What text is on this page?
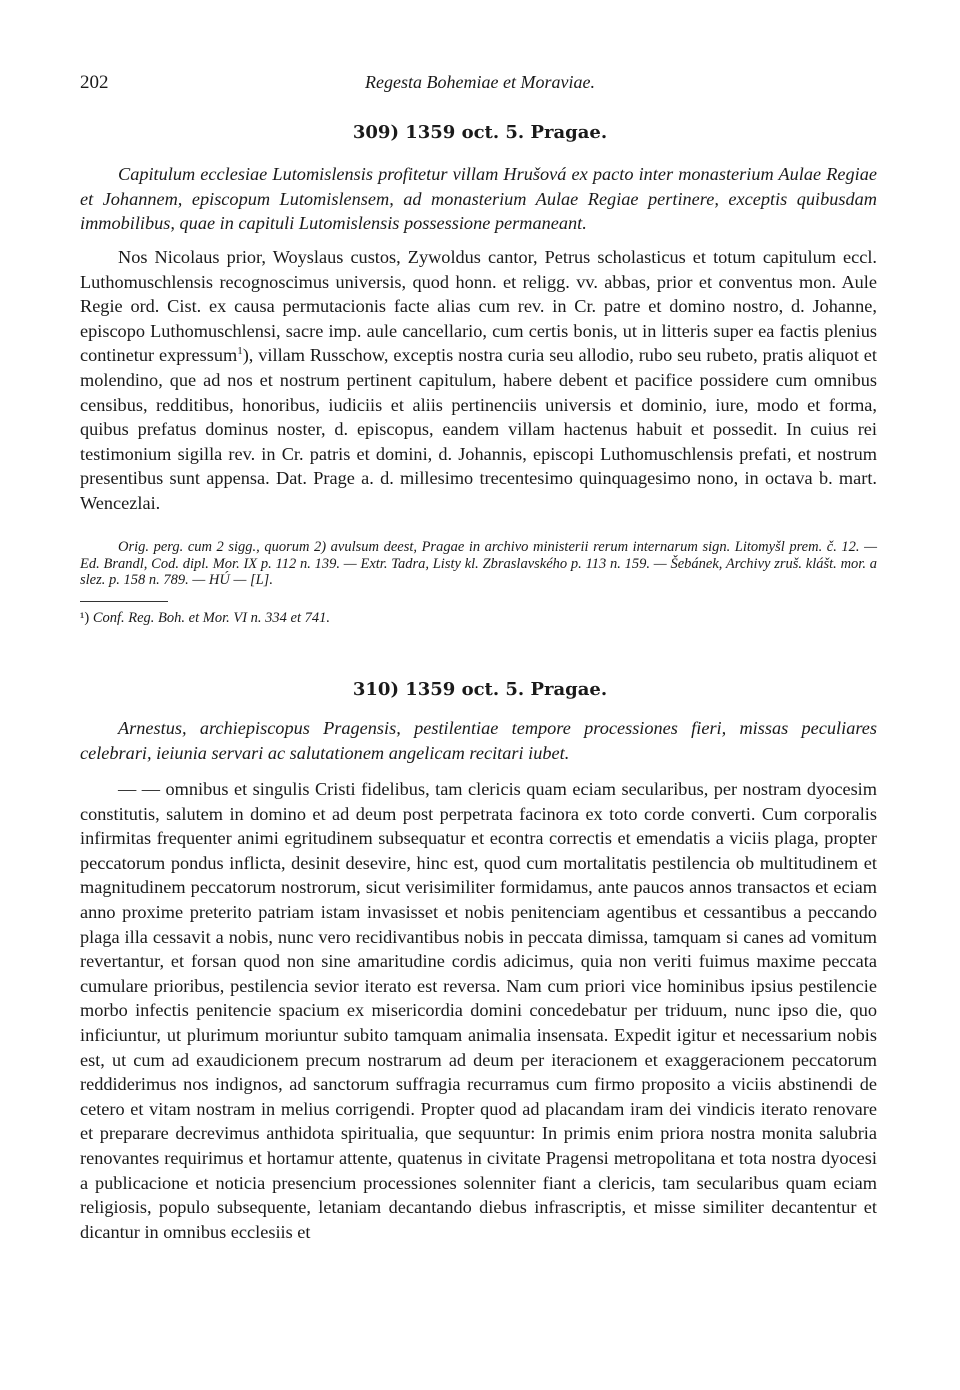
202	Regesta Bohemiae et Moraviae.
309) 1359 oct. 5. Pragae.

Capitulum ecclesiae Lutomislensis profitetur villam Hrušová ex pacto inter monasterium Aulae Regiae et Johannem, episcopum Lutomislensem, ad monasterium Aulae Regiae pertinere, exceptis quibusdam immobilibus, quae in capituli Lutomislensis possessione permaneant.

Nos Nicolaus prior, Woyslaus custos, Zywoldus cantor, Petrus scholasticus et totum capitulum eccl. Luthomuschlensis recognoscimus universis, quod honn. et religg. vv. abbas, prior et conventus mon. Aule Regie ord. Cist. ex causa permutacionis facte alias cum rev. in Cr. patre et domino nostro, d. Johanne, episcopo Luthomuschlensi, sacre imp. aule cancellario, cum certis bonis, ut in litteris super ea factis plenius continetur expressum$^1$), villam Russchow, exceptis nostra curia seu allodio, rubo seu rubeto, pratis aliquot et molendino, que ad nos et nostrum pertinent capitulum, habere debent et pacifice possidere cum omnibus censibus, redditibus, honoribus, iudiciis et aliis pertinenciis universis et dominio, iure, modo et forma, quibus prefatus dominus noster, d. episcopus, eandem villam hactenus habuit et possedit. In cuius rei testimonium sigilla rev. in Cr. patris et domini, d. Johannis, episcopi Luthomuschlensis prefati, et nostrum presentibus sunt appensa. Dat. Prage a. d. millesimo trecentesimo quinquagesimo nono, in octava b. mart. Wencezlai.

Orig. perg. cum 2 sigg., quorum 2) avulsum deest, Pragae in archivo ministerii rerum internarum sign. Litomyšl prem. č. 12. — Ed. Brandl, Cod. dipl. Mor. IX p. 112 n. 139. — Extr. Tadra, Listy kl. Zbraslavského p. 113 n. 159. — Šebánek, Archivy zruš. klášt. mor. a slez. p. 158 n. 789. — HÚ — [L].

¹) Conf. Reg. Boh. et Mor. VI n. 334 et 741.

310) 1359 oct. 5. Pragae.

Arnestus, archiepiscopus Pragensis, pestilentiae tempore processiones fieri, missas peculiares celebrari, ieiunia servari ac salutationem angelicam recitari iubet.

— — omnibus et singulis Cristi fidelibus, tam clericis quam eciam secularibus, per nostram dyocesim constitutis, salutem in domino et ad deum post perpetrata facinora ex toto corde converti. Cum corporalis infirmitas frequenter animi egritudinem subsequatur et econtra correctis et emendatis a viciis plaga, propter peccatorum pondus inflicta, desinit desevire, hinc est, quod cum mortalitatis pestilencia ob multitudinem et magnitudinem peccatorum nostrorum, sicut verisimiliter formidamus, ante paucos annos transactos et eciam anno proxime preterito patriam istam invasisset et nobis penitenciam agentibus et cessantibus a peccando plaga illa cessavit a nobis, nunc vero recidivantibus nobis in peccata dimissa, tamquam si canes ad vomitum revertantur, et forsan quod non sine amaritudine cordis adicimus, quia non veriti fuimus maxime peccata cumulare prioribus, pestilencia sevior iterato est reversa. Nam cum priori vice hominibus ipsius pestilencie morbo infectis penitencie spacium ex misericordia domini concedebatur per triduum, nunc ipso die, quo inficiuntur, ut plurimum moriuntur subito tamquam animalia insensata. Expedit igitur et necessarium nobis est, ut cum ad exaudicionem precum nostrarum ad deum per iteracionem et exaggeracionem peccatorum reddiderimus nos indignos, ad sanctorum suffragia recurramus cum firmo proposito a viciis abstinendi de cetero et vitam nostram in melius corrigendi. Propter quod ad placandam iram dei vindicis iterato renovare et preparare decrevimus anthidota spiritualia, que sequuntur: In primis enim priora nostra monita salubria renovantes requirimus et hortamur attente, quatenus in civitate Pragensi metropolitana et tota nostra dyocesi a publicacione et noticia presencium processiones solenniter fiant a clericis, tam secularibus quam eciam religiosis, populo subsequente, letaniam decantando diebus infrascriptis, et misse similiter decantentur et dicantur in omnibus ecclesiis et
